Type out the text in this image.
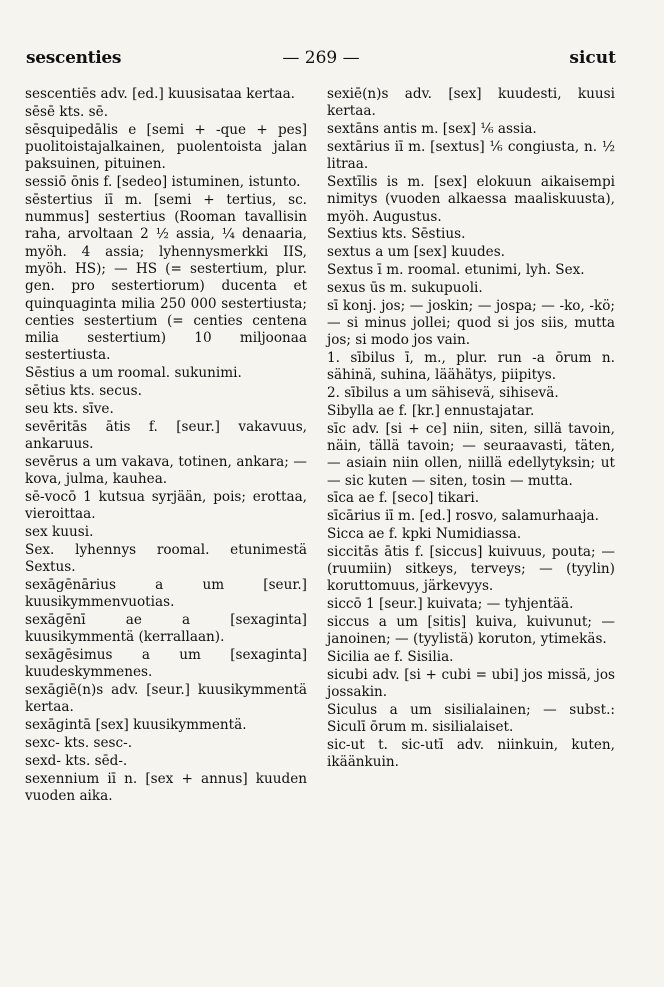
sescenties	— 269 —	sicut

sescentiēs adv. [ed.] kuusisataa kertaa.

sēsē kts. sē.

sēsquipedālis e [semi + -que + pes] puolitoistajalkainen, puolentoista jalan paksuinen, pituinen.

sessiō ōnis f. [sedeo] istuminen, istunto.

sēstertius iī m. [semi + tertius, sc. nummus] sestertius (Rooman tavallisin raha, arvoltaan 2 ½ assia, ¼ denaaria, myöh. 4 assia; lyhennysmerkki IIS, myöh. HS); — HS (= sestertium, plur. gen. pro sestertiorum) ducenta et quinquaginta milia 250 000 sestertiusta; centies sestertium (= centies centena milia sestertium) 10 miljoonaa sestertiusta.

Sēstius a um roomal. sukunimi.

sētius kts. secus.

seu kts. sīve.

sevēritās ātis f. [seur.] vakavuus, ankaruus.

sevērus a um vakava, totinen, ankara; — kova, julma, kauhea.

sē-vocō 1 kutsua syrjään, pois; erottaa, vieroittaa.

sex kuusi.

Sex. lyhennys roomal. etunimestä Sextus.

sexāgēnārius a um [seur.] kuusikymmenvuotias.

sexāgēnī ae a [sexaginta] kuusikymmentä (kerrallaan).

sexāgēsimus a um [sexaginta] kuudeskymmenes.

sexāgiē(n)s adv. [seur.] kuusikymmentä kertaa.

sexāgintā [sex] kuusikymmentä.

sexc- kts. sesc-.

sexd- kts. sēd-.

sexennium iī n. [sex + annus] kuuden vuoden aika.

sexiē(n)s adv. [sex] kuudesti, kuusi kertaa.

sextāns antis m. [sex] ⅙ assia.

sextārius iī m. [sextus] ⅙ congiusta, n. ½ litraa.

Sextīlis is m. [sex] elokuun aikaisempi nimitys (vuoden alkaessa maaliskuusta), myöh. Augustus.

Sextius kts. Sēstius.

sextus a um [sex] kuudes.

Sextus ī m. roomal. etunimi, lyh. Sex.

sexus ūs m. sukupuoli.

sī konj. jos; — joskin; — jospa; — -ko, -kö; — si minus jollei; quod si jos siis, mutta jos; si modo jos vain.

1. sībilus ī, m., plur. run -a ōrum n. sähinä, suhina, läähätys, piipitys.

2. sībilus a um sähisevä, sihisevä.

Sibylla ae f. [kr.] ennustajatar.

sīc adv. [si + ce] niin, siten, sillä tavoin, näin, tällä tavoin; — seuraavasti, täten, — asiain niin ollen, niillä edellytyksin; ut — sic kuten — siten, tosin — mutta.

sīca ae f. [seco] tikari.

sīcārius iī m. [ed.] rosvo, salamurhaaja.

Sicca ae f. kpki Numidiassa.

siccitās ātis f. [siccus] kuivuus, pouta; — (ruumiin) sitkeys, terveys; — (tyylin) koruttomuus, järkevyys.

siccō 1 [seur.] kuivata; — tyhjentää.

siccus a um [sitis] kuiva, kuivunut; — janoinen; — (tyylistä) koruton, ytimekäs.

Sicilia ae f. Sisilia.

sicubi adv. [si + cubi = ubi] jos missä, jos jossakin.

Siculus a um sisilialainen; — subst.: Siculī ōrum m. sisilialaiset.

sic-ut t. sic-utī adv. niinkuin, kuten, ikäänkuin.
